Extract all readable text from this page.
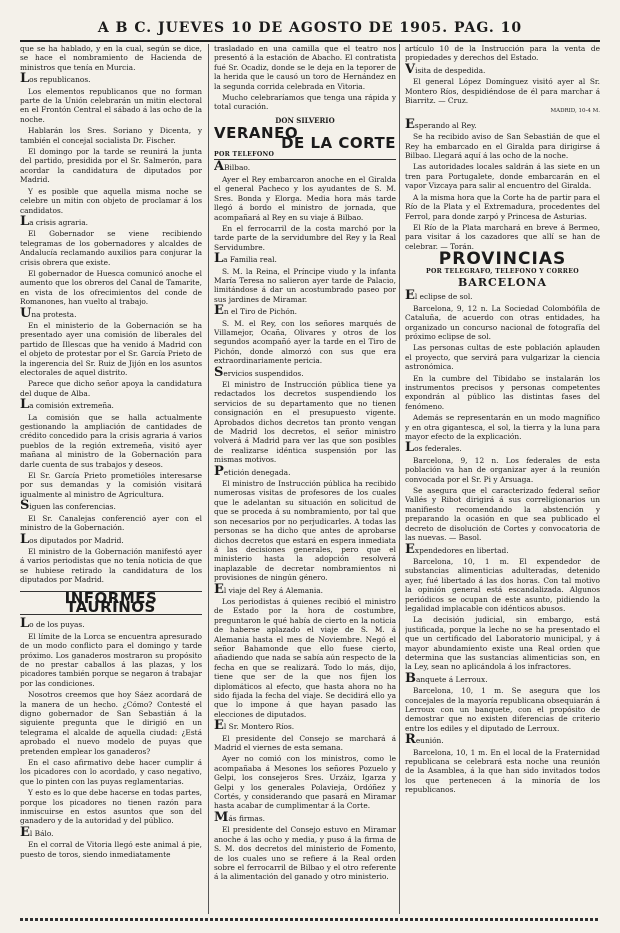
A B C. JUEVES 10 DE AGOSTO DE 1905. PAG. 10

que se ha hablado, y en la cual, según se dice, se hace el nombramiento de Hacienda de ministros que tenía en Murcia.

Los republicanos.

Los elementos republicanos que no forman parte de la Unión celebrarán un mitin electoral en el Frontón Central el sábado á las ocho de la noche.

Hablarán los Sres. Soriano y Dicenta, y también el concejal socialista Dr. Fischer.

El domingo por la tarde se reunirá la junta del partido, presidida por el Sr. Salmerón, para acordar la candidatura de diputados por Madrid.

Y es posible que aquella misma noche se celebre un mitin con objeto de proclamar á los candidatos.

La crisis agraria.

El Gobernador se viene recibiendo telegramas de los gobernadores y alcaldes de Andalucía reclamando auxilios para conjurar la crisis obrera que existe.

El gobernador de Huesca comunicó anoche el aumento que los obreros del Canal de Tamarite, en vista de los ofrecimientos del conde de Romanones, han vuelto al trabajo.

Una protesta.

En el ministerio de la Gobernación se ha presentado ayer una comisión de liberales del partido de Illescas que ha venido á Madrid con el objeto de protestar por el Sr. García Prieto de la ingerencia del Sr. Ruiz de Jijón en los asuntos electorales de aquel distrito.

Parece que dicho señor apoya la candidatura del duque de Alba.

La comisión extremeña.

La comisión que se halla actualmente gestionando la ampliación de cantidades de crédito concedido para la crisis agraria á varios pueblos de la región extremeña, visitó ayer mañana al ministro de la Gobernación para darle cuenta de sus trabajos y deseos.

El Sr. García Prieto prometióles interesarse por sus demandas y la comisión visitará igualmente al ministro de Agricultura.

Siguen las conferencias.

El Sr. Canalejas conferenció ayer con el ministro de la Gobernación.

Los diputados por Madrid.

El ministro de la Gobernación manifestó ayer á varios periodistas que no tenía noticia de que se hubiese retirado la candidatura de los diputados por Madrid.

INFORMES TAURINOS

Lo de los puyas.

El límite de la Lorca se encuentra apresurado de un modo conflicto para el domingo y tarde próximo. Los ganaderos mostraron su propósito de no prestar caballos á las plazas, y los picadores también porque se negaron á trabajar por las condiciones.

Nosotros creemos que hoy Sáez acordará de la manera de un hecho. ¿Cómo? Contesté el digno gobernador de San Sebastián á la siguiente pregunta que le dirigió en un telegrama el alcalde de aquella ciudad: ¿Está aprobado el nuevo modelo de puyas que pretenden emplear los ganaderos?

En el caso afirmativo debe hacer cumplir á los picadores con lo acordado, y caso negativo, que lo pinten con las puyas reglamentarias.

Y esto es lo que debe hacerse en todas partes, porque los picadores no tienen razón para inmiscuirse en estos asuntos que son del ganadero y de la autoridad y del público.

El Bálo.

En el corral de Vitoria llegó este animal á pie, puesto de toros, siendo inmediatamente

trasladado en una camilla que el teatro nos presentó á la estación de Abacho. El contratista fué Sr. Ocadiz, donde se le deja en la teporer de la herida que le causó un toro de Hernández en la segunda corrida celebrada en Vitoria.

Mucho celebraríamos que tenga una rápida y total curación.

DON SILVERIO
VERANEO
DE LA CORTE
POR TELEFONO

ABilbao.

Ayer el Rey embarcaron anoche en el Giralda el general Pacheco y los ayudantes de S. M. Sres. Bonda y Elorga. Media hora más tarde llegó á bordo el ministro de jornada, que acompañará al Rey en su viaje á Bilbao.

En el ferrocarril de la costa marchó por la tarde parte de la servidumbre del Rey y la Real Servidumbre.

La Familia real.

S. M. la Reina, el Príncipe viudo y la infanta María Teresa no salieron ayer tarde de Palacio, limitándose á dar un acostumbrado paseo por sus jardines de Miramar.

En el Tiro de Pichón.

S. M. el Rey, con los señores marqués de Villamejor, Ocaña, Olivares y otros de los segundos acompañó ayer la tarde en el Tiro de Pichón, donde almorzó con sus que era extraordinariamente pericia.

Servicios suspendidos.

El ministro de Instrucción pública tiene ya redactados los decretos suspendiendo los servicios de su departamento que no tienen consignación en el presupuesto vigente. Aprobados dichos decretos tan pronto vengan de Madrid los decretos, el señor ministro volverá á Madrid para ver las que son posibles de realizarse idéntica suspensión por las mismas motivos.

Petición denegada.

El ministro de Instrucción pública ha recibido numerosas visitas de profesores de los cuales que le adelantan su situación en solicitud de que se proceda á su nombramiento, por tal que son necesarios por no perjudicarles. A todas las personas se ha dicho que antes de aprobarse dichos decretos que estará en espera inmediata á las decisiones generales, pero que el ministerio hasta la adopción resolverá inaplazable de decretar nombramientos ni provisiones de ningún género.

El viaje del Rey á Alemania.

Los periodistas á quienes recibió el ministro de Estado por la hora de costumbre, preguntaron le qué había de cierto en la noticia de haberse aplazado el viaje de S. M. á Alemania hasta el mes de Noviembre. Negó el señor Bahamonde que ello fuese cierto, añadiendo que nada se sabía aún respecto de la fecha en que se realizará. Todo lo más, dijo, tiene que ser de la que nos fijen los diplomáticos al efecto, que hasta ahora no ha sido fijada la fecha del viaje. Se decidirá ello ya que lo impone á que hayan pasado las elecciones de diputados.

El Sr. Montero Ríos.

El presidente del Consejo se marchará á Madrid el viernes de esta semana.

Ayer no comió con los ministros, como le acompañaba á Mesones los señores Pozuelo y Gelpi, los consejeros Sres. Urzáiz, Igarza y Gelpi y los generales Polavieja, Ordóñez y Cortés, y considerando que pasará en Miramar hasta acabar de cumplimentar á la Corte.

Más firmas.

El presidente del Consejo estuvo en Miramar anoche á las ocho y media, y puso á la firma de S. M. dos decretos del ministerio de Fomento, de los cuales uno se refiere á la Real orden sobre el ferrocarril de Bilbao y el otro referente á la alimentación del ganado y otro ministerio.

artículo 10 de la Instrucción para la venta de propiedades y derechos del Estado.

Visita de despedida.

El general López Domínguez visitó ayer al Sr. Montero Ríos, despidiéndose de él para marchar á Biarritz. — Cruz.

MADRID, 10-4 M.

Esperando al Rey.

Se ha recibido aviso de San Sebastián de que el Rey ha embarcado en el Giralda para dirigirse á Bilbao. Llegará aquí á las ocho de la noche.

Las autoridades locales saldrán á las siete en un tren para Portugalete, donde embarcarán en el vapor Vizcaya para salir al encuentro del Giralda.

A la misma hora que la Corte ha de partir para el Río de la Plata y el Extremadura, procedentes del Ferrol, para donde zarpó y Princesa de Asturias.

El Río de la Plata marchará en breve á Bermeo, para visitar á los cazadores que allí se han de celebrar. — Torán.

PROVINCIAS
POR TELEGRAFO, TELEFONO Y CORREO
BARCELONA

El eclipse de sol.

Barcelona, 9, 12 n. La Sociedad Colombófila de Cataluña, de acuerdo con otras entidades, ha organizado un concurso nacional de fotografía del próximo eclipse de sol.

Las personas cultas de este población aplauden el proyecto, que servirá para vulgarizar la ciencia astronómica.

En la cumbre del Tibidabo se instalarán los instrumentos precisos y personas competentes expondrán al público las distintas fases del fenómeno.

Además se representarán en un modo magnífico y en otra gigantesca, el sol, la tierra y la luna para mayor efecto de la explicación.

Los federales.

Barcelona, 9, 12 n. Los federales de esta población va han de organizar ayer á la reunión convocada por el Sr. Pi y Arsuaga.

Se asegura que el caracterizado federal señor Vallés y Ribot dirigirá á sus correligionarios un manifiesto recomendando la abstención y preparando la ocasión en que sea publicado el decreto de disolución de Cortes y convocatoria de las nuevas. — Basol.

Expendedores en libertad.

Barcelona, 10, 1 m. El expendedor de substancias alimenticias adulteradas, detenido ayer, fué libertado á las dos horas. Con tal motivo la opinión general está escandalizada. Algunos periódicos se ocupan de este asunto, pidiendo la legalidad implacable con idénticos abusos.

La decisión judicial, sin embargo, está justificada, porque la leche no se ha presentado el que un certificado del Laboratorio municipal, y á mayor abundamiento existe una Real orden que determina que las sustancias alimenticias son, en la Ley, sean no aplicándola á los infractores.

Banquete á Lerroux.

Barcelona, 10, 1 m. Se asegura que los concejales de la mayoría republicana obsequiarán á Lerroux con un banquete, con el propósito de demostrar que no existen diferencias de criterio entre los ediles y el diputado de Lerroux.

Reunión.

Barcelona, 10, 1 m. En el local de la Fraternidad republicana se celebrará esta noche una reunión de la Asamblea, á la que han sido invitados todos los que pertenecen á la minoría de los republicanos.
